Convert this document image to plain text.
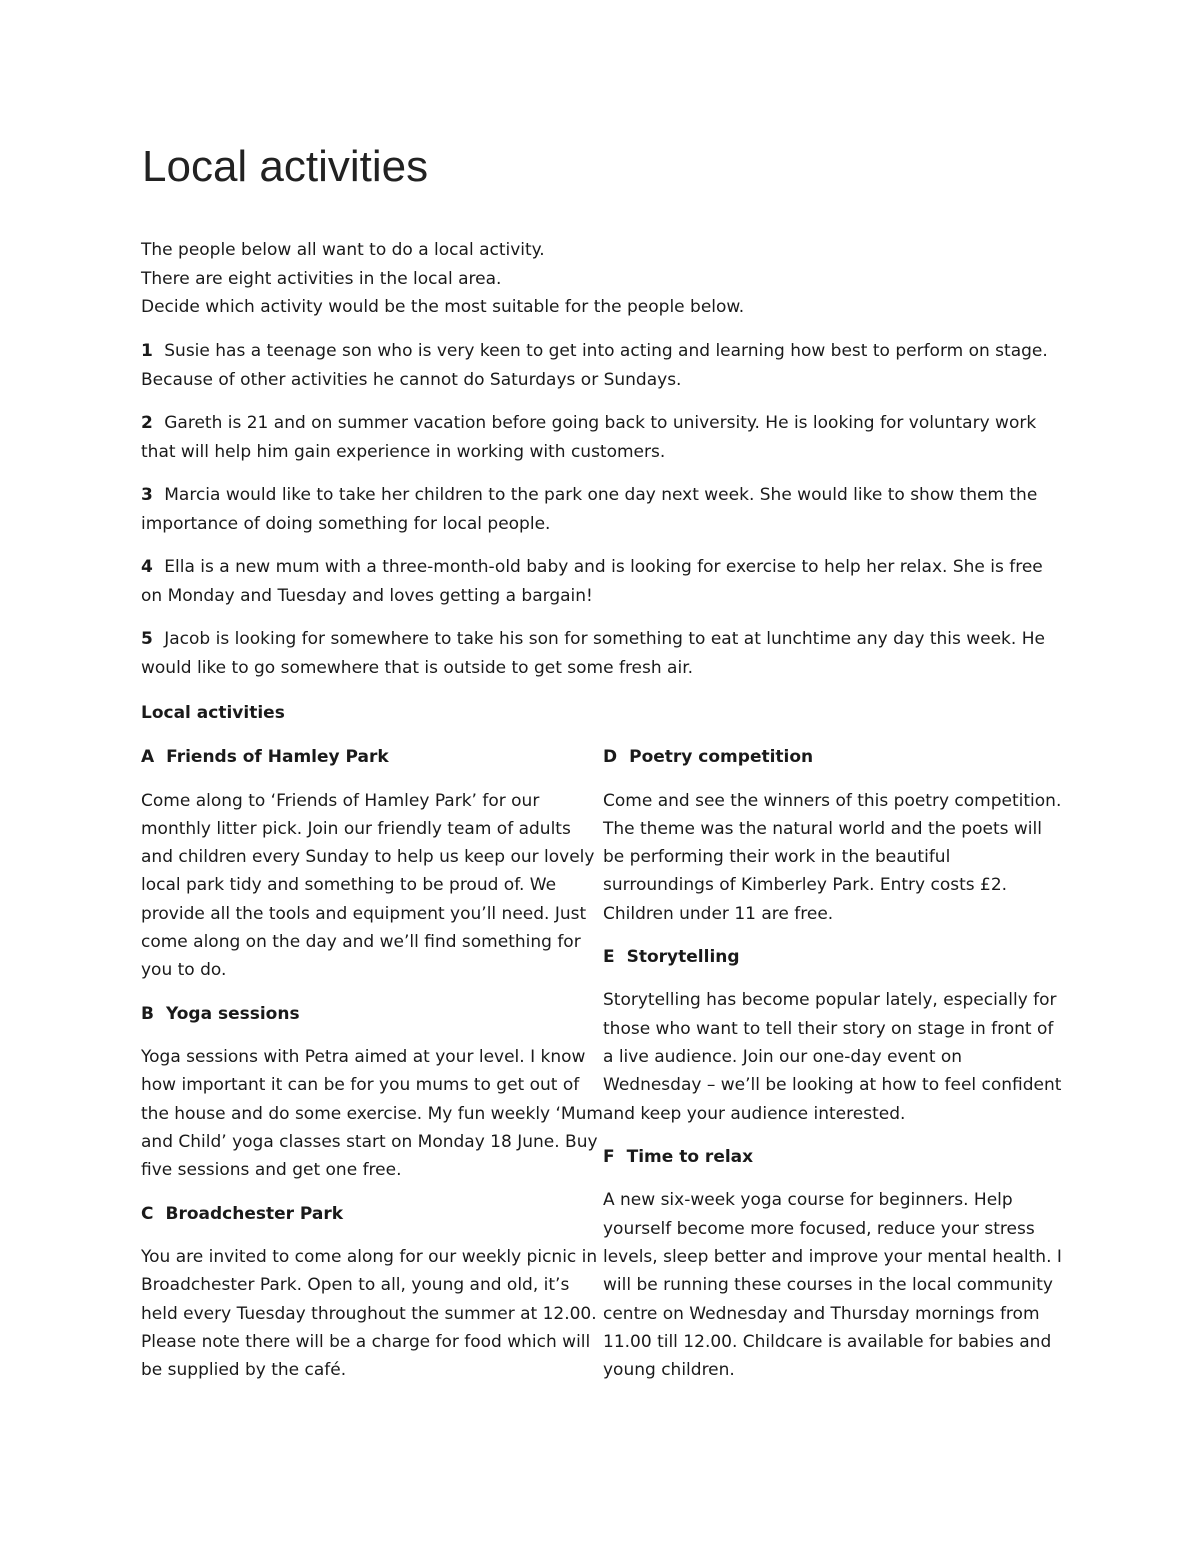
Local activities

The people below all want to do a local activity.

There are eight activities in the local area.

Decide which activity would be the most suitable for the people below.

1 Susie has a teenage son who is very keen to get into acting and learning how best to perform on stage. Because of other activities he cannot do Saturdays or Sundays.

2 Gareth is 21 and on summer vacation before going back to university. He is looking for voluntary work that will help him gain experience in working with customers.

3 Marcia would like to take her children to the park one day next week. She would like to show them the importance of doing something for local people.

4 Ella is a new mum with a three-month-old baby and is looking for exercise to help her relax. She is free on Monday and Tuesday and loves getting a bargain!

5 Jacob is looking for somewhere to take his son for something to eat at lunchtime any day this week. He would like to go somewhere that is outside to get some fresh air.

Local activities
A Friends of Hamley Park

Come along to ‘Friends of Hamley Park’ for our monthly litter pick. Join our friendly team of adults and children every Sunday to help us keep our lovely local park tidy and something to be proud of. We provide all the tools and equipment you’ll need. Just come along on the day and we’ll find something for you to do.

B Yoga sessions

Yoga sessions with Petra aimed at your level. I know how important it can be for you mums to get out of the house and do some exercise. My fun weekly ‘Mum and Child’ yoga classes start on Monday 18 June. Buy five sessions and get one free.

C Broadchester Park

You are invited to come along for our weekly picnic in Broadchester Park. Open to all, young and old, it’s held every Tuesday throughout the summer at 12.00. Please note there will be a charge for food which will be supplied by the café.

D Poetry competition

Come and see the winners of this poetry competition. The theme was the natural world and the poets will be performing their work in the beautiful surroundings of Kimberley Park. Entry costs £2. Children under 11 are free.

E Storytelling

Storytelling has become popular lately, especially for those who want to tell their story on stage in front of a live audience. Join our one-day event on Wednesday – we’ll be looking at how to feel confident and keep your audience interested.

F Time to relax

A new six-week yoga course for beginners. Help yourself become more focused, reduce your stress levels, sleep better and improve your mental health. I will be running these courses in the local community centre on Wednesday and Thursday mornings from 11.00 till 12.00. Childcare is available for babies and young children.
